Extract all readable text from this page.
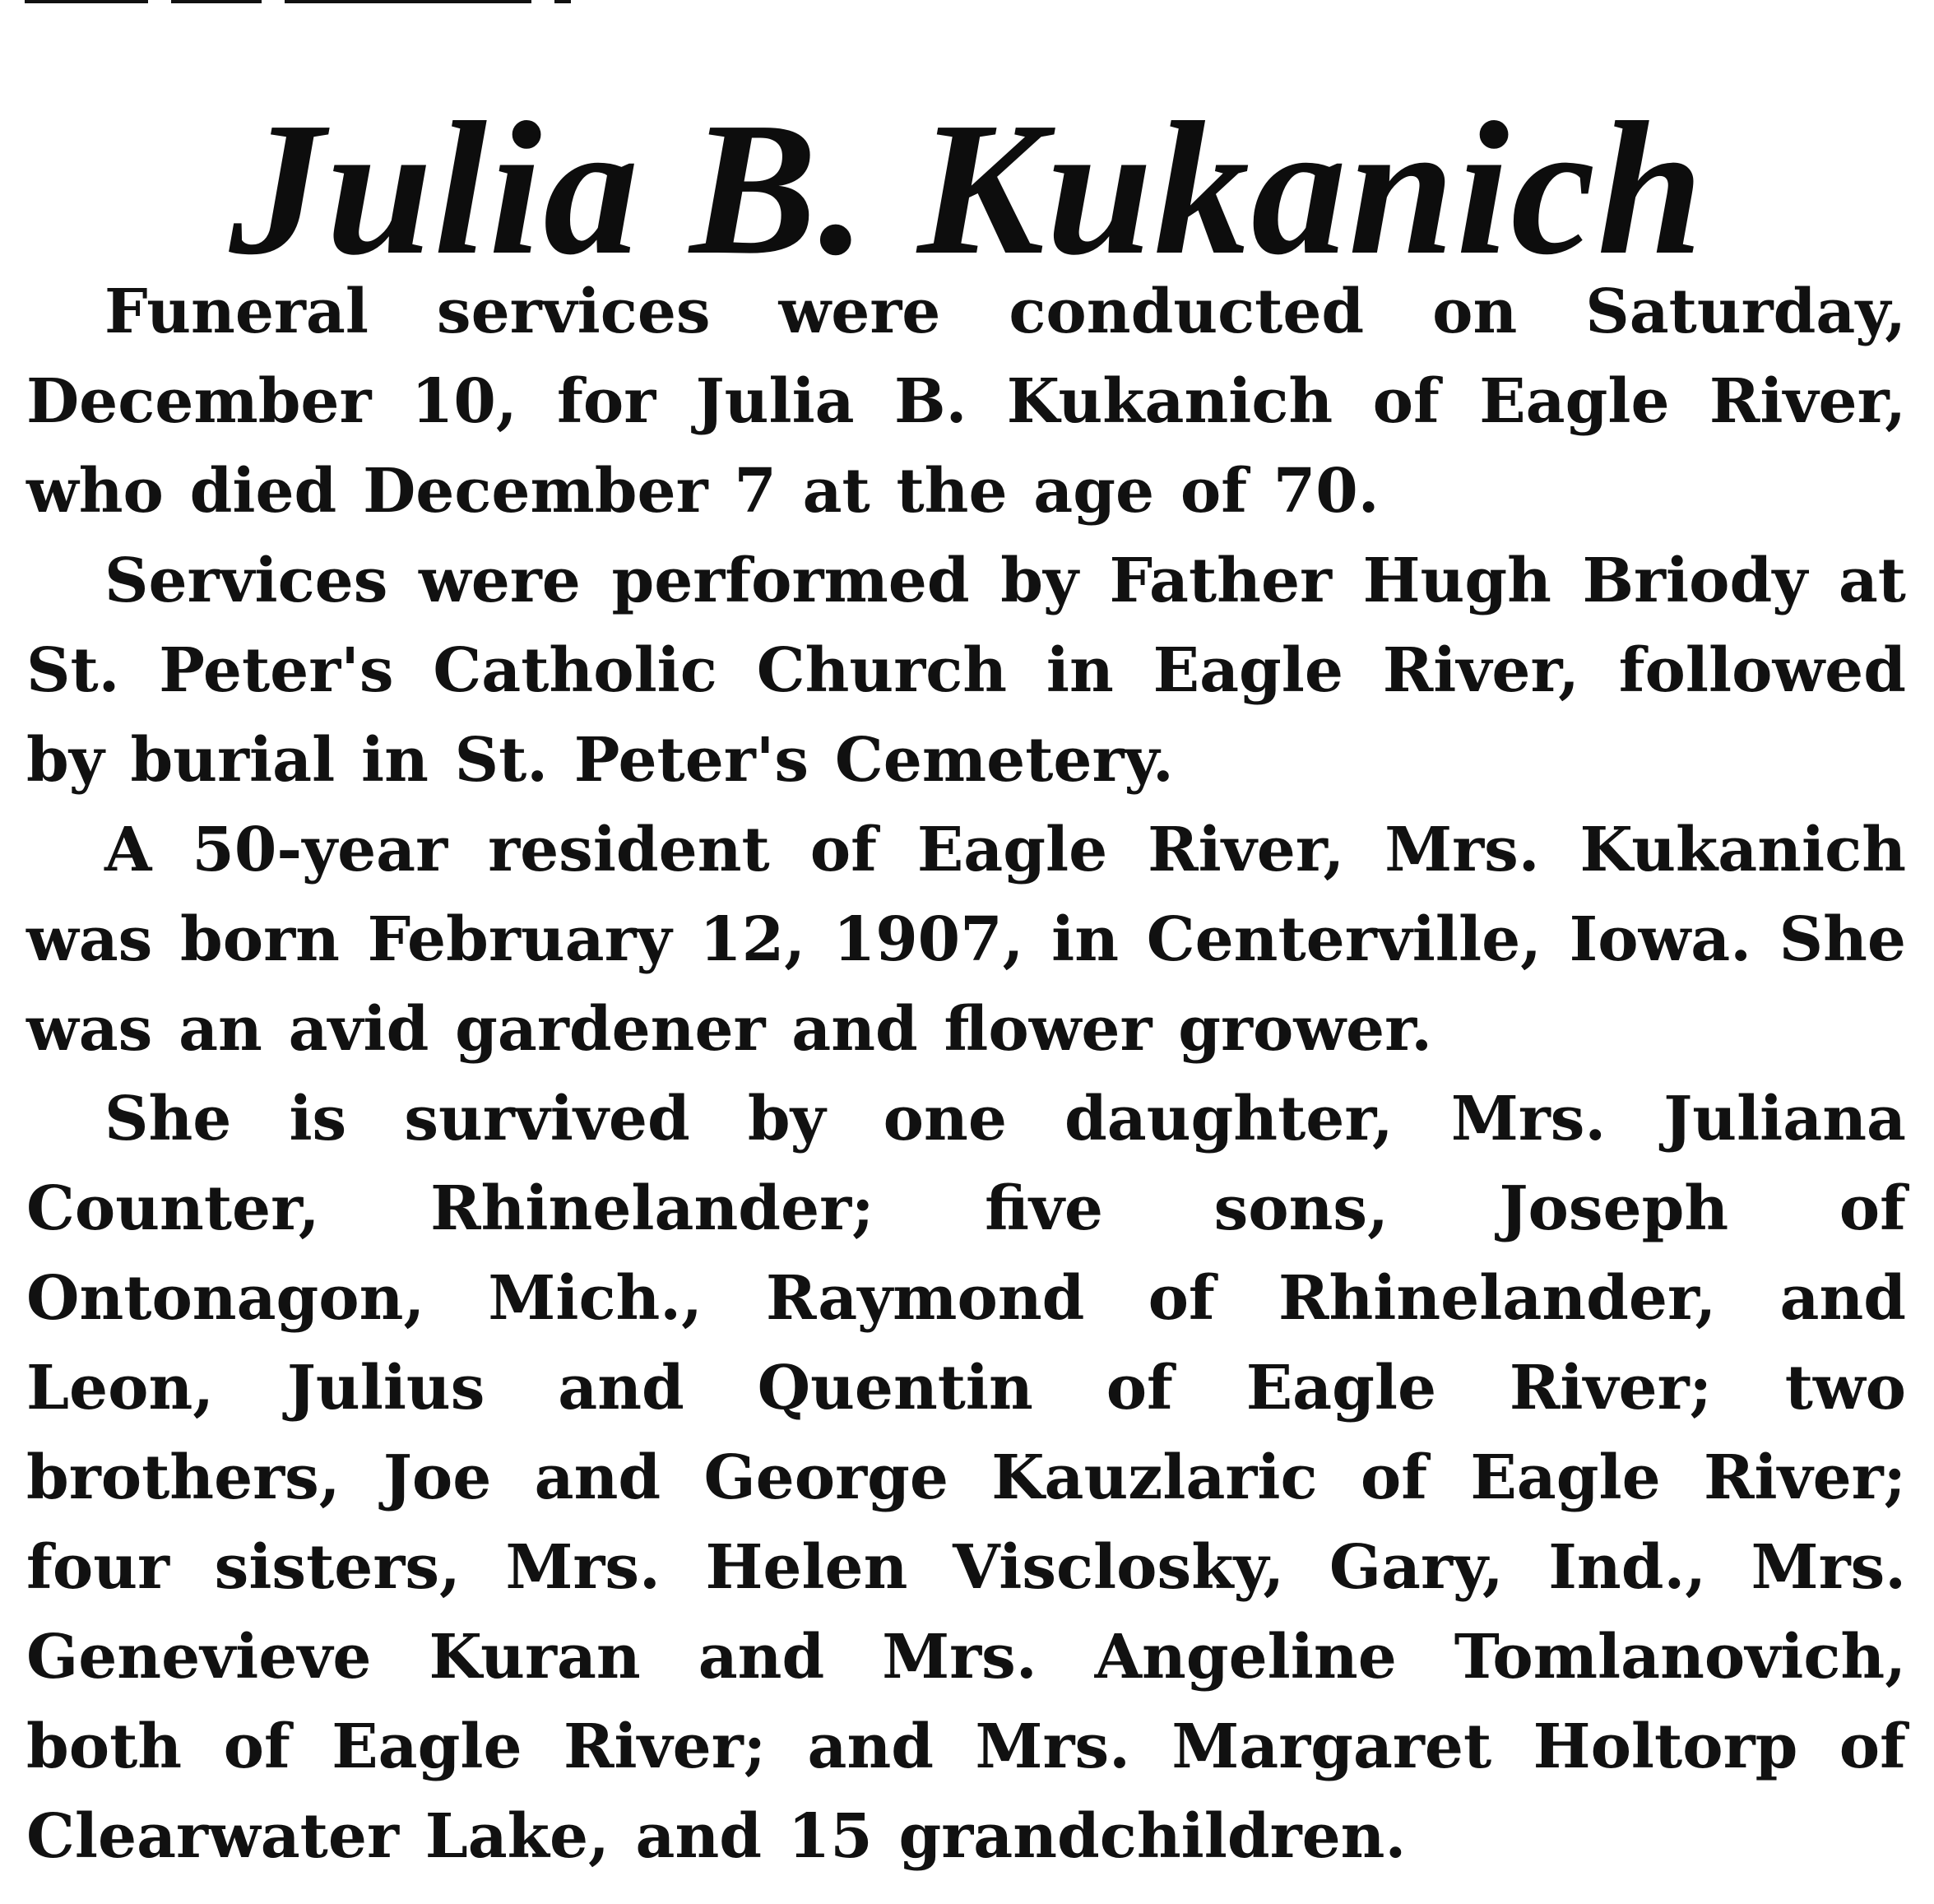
Julia B. Kukanich

Funeral services were conducted on Saturday, December 10, for Julia B. Kukanich of Eagle River, who died December 7 at the age of 70.

Services were performed by Father Hugh Briody at St. Peter's Catholic Church in Eagle River, followed by burial in St. Peter's Cemetery.

A 50-year resident of Eagle River, Mrs. Kukanich was born February 12, 1907, in Centerville, Iowa. She was an avid gardener and flower grower.

She is survived by one daughter, Mrs. Juliana Counter, Rhinelander; five sons, Joseph of Ontonagon, Mich., Raymond of Rhinelander, and Leon, Julius and Quentin of Eagle River; two brothers, Joe and George Kauzlaric of Eagle River; four sisters, Mrs. Helen Visclosky, Gary, Ind., Mrs. Genevieve Kuran and Mrs. Angeline Tomlanovich, both of Eagle River; and Mrs. Margaret Holtorp of Clearwater Lake, and 15 grandchildren.
